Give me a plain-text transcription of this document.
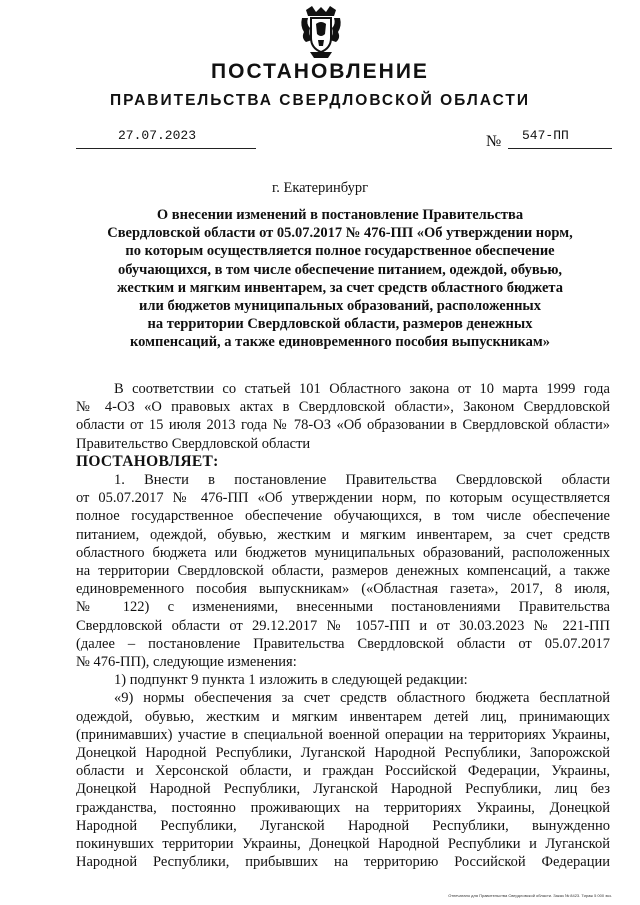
ПОСТАНОВЛЕНИЕ
ПРАВИТЕЛЬСТВА СВЕРДЛОВСКОЙ ОБЛАСТИ
27.07.2023	№ 547-ПП
г. Екатеринбург
О внесении изменений в постановление Правительства
Свердловской области от 05.07.2017 № 476-ПП «Об утверждении норм,
по которым осуществляется полное государственное обеспечение
обучающихся, в том числе обеспечение питанием, одеждой, обувью,
жестким и мягким инвентарем, за счет средств областного бюджета
или бюджетов муниципальных образований, расположенных
на территории Свердловской области, размеров денежных
компенсаций, а также единовременного пособия выпускникам»

В соответствии со статьей 101 Областного закона от 10 марта 1999 года

№ 4-ОЗ «О правовых актах в Свердловской области», Законом Свердловской

области от 15 июля 2013 года № 78-ОЗ «Об образовании в Свердловской области»

Правительство Свердловской области

ПОСТАНОВЛЯЕТ:

1. Внести в постановление Правительства Свердловской области

от 05.07.2017 № 476-ПП «Об утверждении норм, по которым осуществляется

полное государственное обеспечение обучающихся, в том числе обеспечение

питанием, одеждой, обувью, жестким и мягким инвентарем, за счет средств

областного бюджета или бюджетов муниципальных образований, расположенных

на территории Свердловской области, размеров денежных компенсаций, а также

единовременного пособия выпускникам» («Областная газета», 2017, 8 июля,

№ 122) с изменениями, внесенными постановлениями Правительства

Свердловской области от 29.12.2017 № 1057-ПП и от 30.03.2023 № 221-ПП

(далее – постановление Правительства Свердловской области от 05.07.2017

№ 476-ПП), следующие изменения:

1) подпункт 9 пункта 1 изложить в следующей редакции:

«9) нормы обеспечения за счет средств областного бюджета бесплатной

одеждой, обувью, жестким и мягким инвентарем детей лиц, принимающих

(принимавших) участие в специальной военной операции на территориях Украины,

Донецкой Народной Республики, Луганской Народной Республики, Запорожской

области и Херсонской области, и граждан Российской Федерации, Украины,

Донецкой Народной Республики, Луганской Народной Республики, лиц без

гражданства, постоянно проживающих на территориях Украины, Донецкой

Народной Республики, Луганской Народной Республики, вынужденно

покинувших территории Украины, Донецкой Народной Республики и Луганской

Народной Республики, прибывших на территорию Российской Федерации

Отпечатано для Правительства Свердловской области. Заказ № 8423. Тираж 5 000 экз.
